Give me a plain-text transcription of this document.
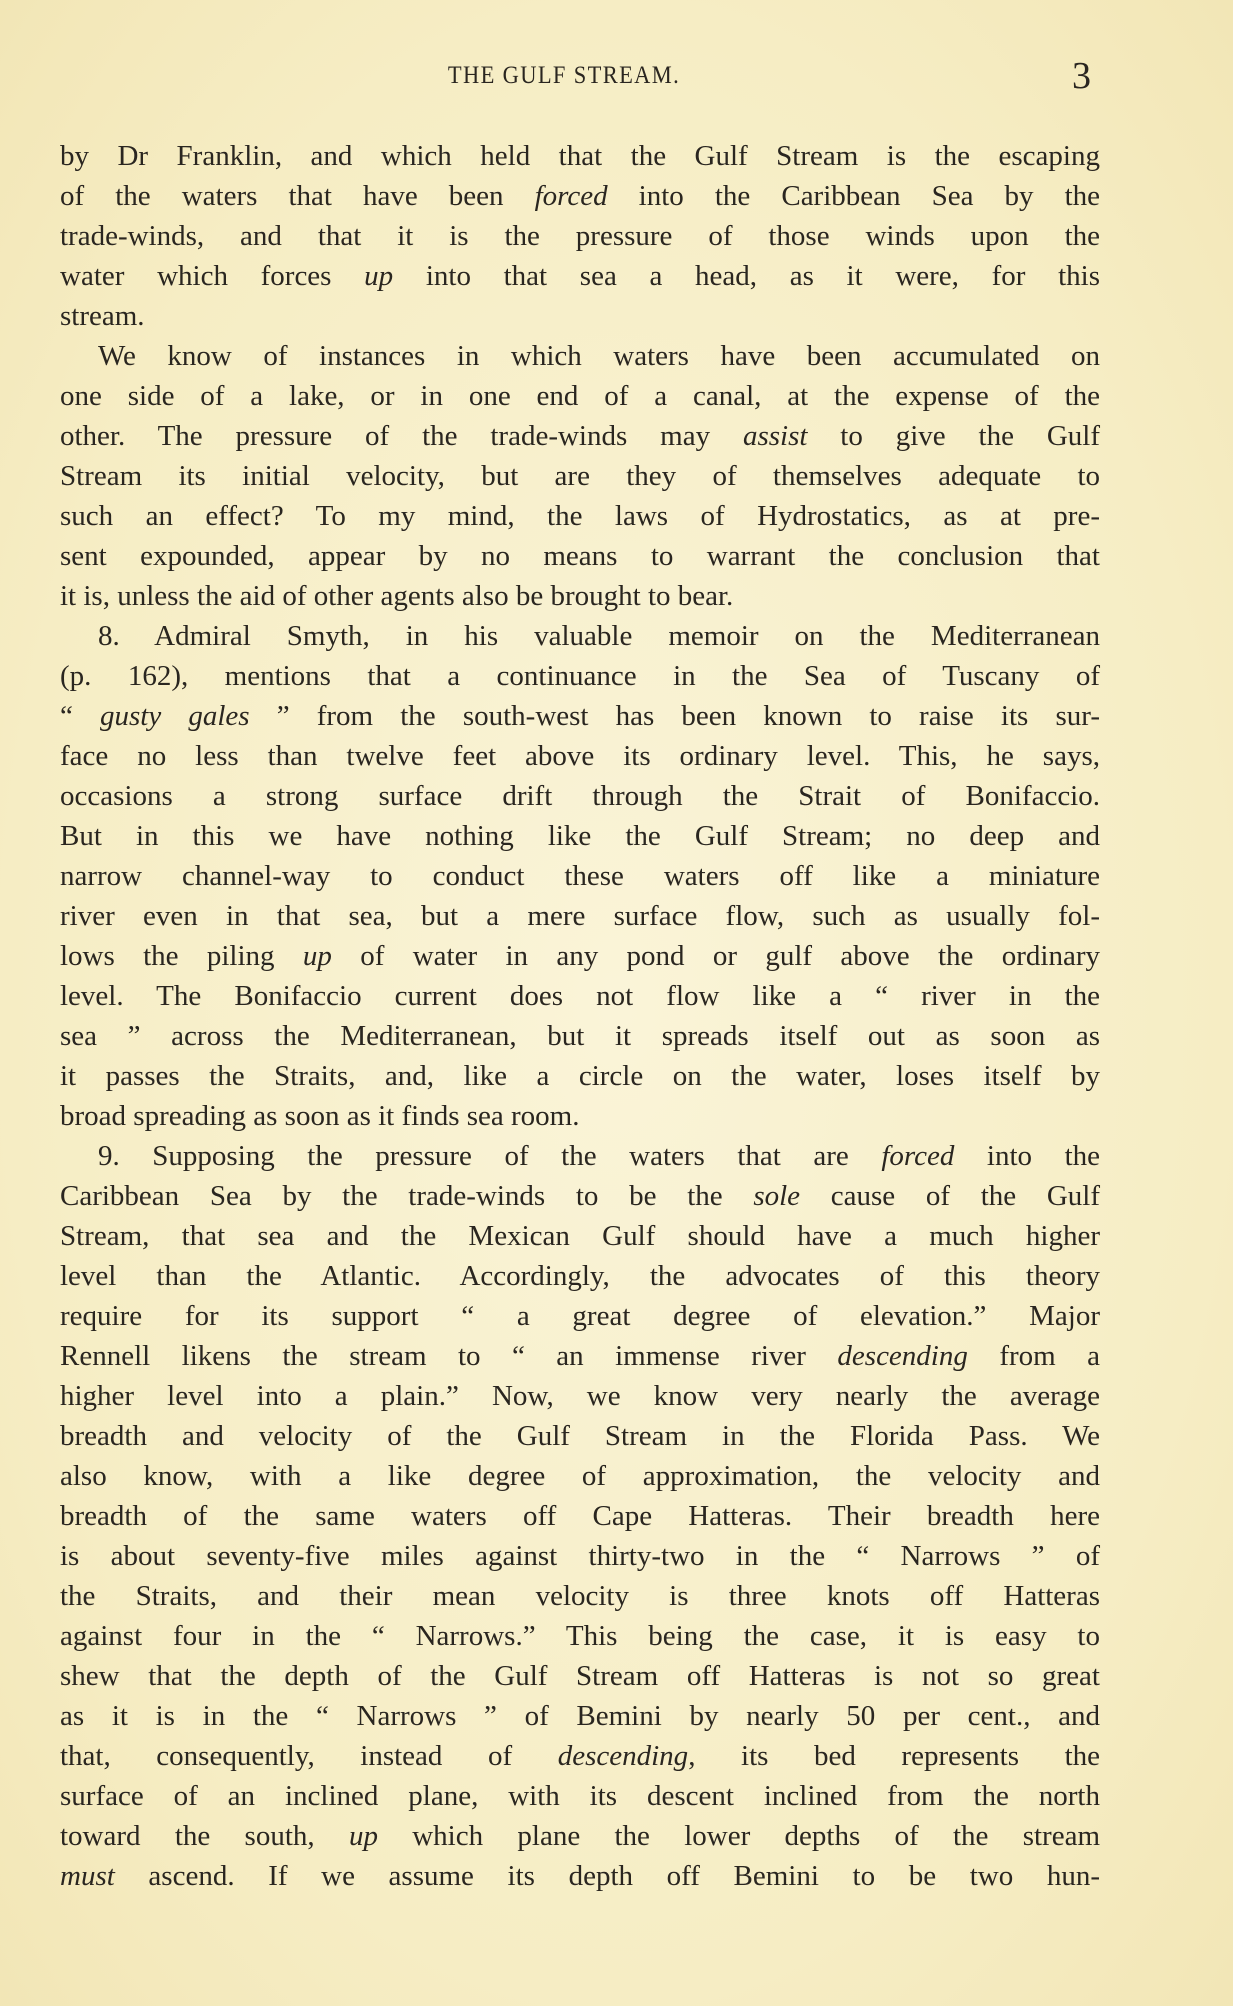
THE GULF STREAM.	3
by Dr Franklin, and which held that the Gulf Stream is the escaping
of the waters that have been forced into the Caribbean Sea by the
trade-winds, and that it is the pressure of those winds upon the
water which forces up into that sea a head, as it were, for this
stream.
We know of instances in which waters have been accumulated on
one side of a lake, or in one end of a canal, at the expense of the
other. The pressure of the trade-winds may assist to give the Gulf
Stream its initial velocity, but are they of themselves adequate to
such an effect? To my mind, the laws of Hydrostatics, as at pre-
sent expounded, appear by no means to warrant the conclusion that
it is, unless the aid of other agents also be brought to bear.
8. Admiral Smyth, in his valuable memoir on the Mediterranean
(p. 162), mentions that a continuance in the Sea of Tuscany of
“ gusty gales ” from the south-west has been known to raise its sur-
face no less than twelve feet above its ordinary level. This, he says,
occasions a strong surface drift through the Strait of Bonifaccio.
But in this we have nothing like the Gulf Stream; no deep and
narrow channel-way to conduct these waters off like a miniature
river even in that sea, but a mere surface flow, such as usually fol-
lows the piling up of water in any pond or gulf above the ordinary
level. The Bonifaccio current does not flow like a “ river in the
sea ” across the Mediterranean, but it spreads itself out as soon as
it passes the Straits, and, like a circle on the water, loses itself by
broad spreading as soon as it finds sea room.
9. Supposing the pressure of the waters that are forced into the
Caribbean Sea by the trade-winds to be the sole cause of the Gulf
Stream, that sea and the Mexican Gulf should have a much higher
level than the Atlantic. Accordingly, the advocates of this theory
require for its support “ a great degree of elevation.” Major
Rennell likens the stream to “ an immense river descending from a
higher level into a plain.” Now, we know very nearly the average
breadth and velocity of the Gulf Stream in the Florida Pass. We
also know, with a like degree of approximation, the velocity and
breadth of the same waters off Cape Hatteras. Their breadth here
is about seventy-five miles against thirty-two in the “ Narrows ” of
the Straits, and their mean velocity is three knots off Hatteras
against four in the “ Narrows.” This being the case, it is easy to
shew that the depth of the Gulf Stream off Hatteras is not so great
as it is in the “ Narrows ” of Bemini by nearly 50 per cent., and
that, consequently, instead of descending, its bed represents the
surface of an inclined plane, with its descent inclined from the north
toward the south, up which plane the lower depths of the stream
must ascend. If we assume its depth off Bemini to be two hun-
